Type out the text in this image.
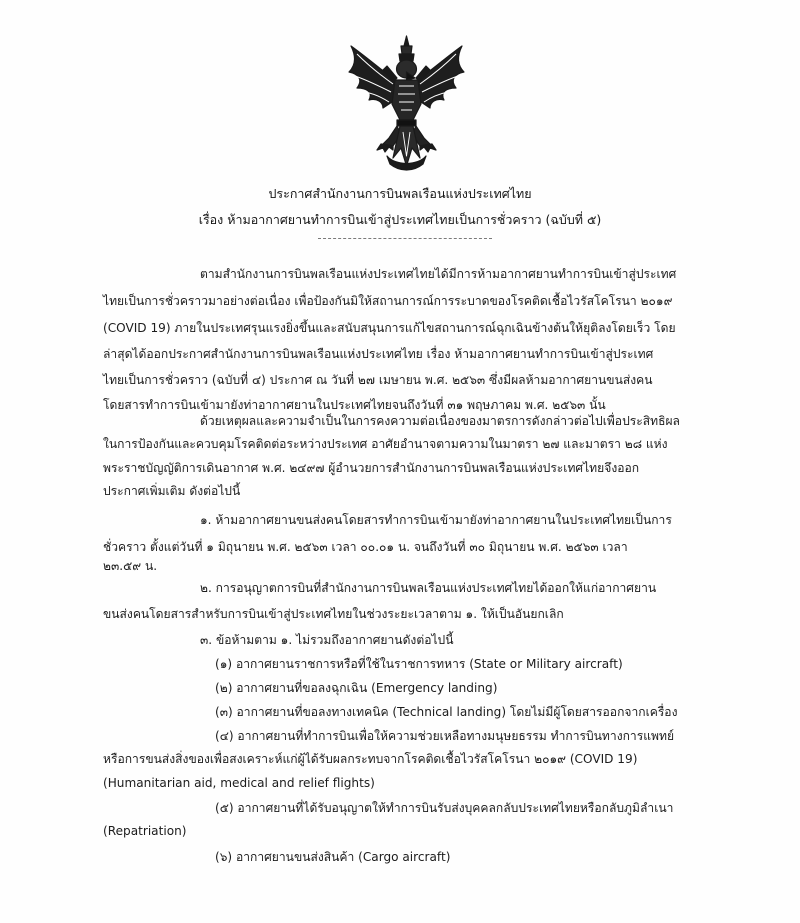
ประกาศสำนักงานการบินพลเรือนแห่งประเทศไทย
เรื่อง ห้ามอากาศยานทำการบินเข้าสู่ประเทศไทยเป็นการชั่วคราว (ฉบับที่ ๕)
ตามสำนักงานการบินพลเรือนแห่งประเทศไทยได้มีการห้ามอากาศยานทำการบินเข้าสู่ประเทศ
ไทยเป็นการชั่วคราวมาอย่างต่อเนื่อง เพื่อป้องกันมิให้สถานการณ์การระบาดของโรคติดเชื้อไวรัสโคโรนา ๒๐๑๙
(COVID 19) ภายในประเทศรุนแรงยิ่งขึ้นและสนับสนุนการแก้ไขสถานการณ์ฉุกเฉินข้างต้นให้ยุติลงโดยเร็ว โดย
ล่าสุดได้ออกประกาศสำนักงานการบินพลเรือนแห่งประเทศไทย เรื่อง ห้ามอากาศยานทำการบินเข้าสู่ประเทศ
ไทยเป็นการชั่วคราว (ฉบับที่ ๔) ประกาศ ณ วันที่ ๒๗ เมษายน พ.ศ. ๒๕๖๓ ซึ่งมีผลห้ามอากาศยานขนส่งคน
โดยสารทำการบินเข้ามายังท่าอากาศยานในประเทศไทยจนถึงวันที่ ๓๑ พฤษภาคม พ.ศ. ๒๕๖๓ นั้น
ด้วยเหตุผลและความจำเป็นในการคงความต่อเนื่องของมาตรการดังกล่าวต่อไปเพื่อประสิทธิผล
ในการป้องกันและควบคุมโรคติดต่อระหว่างประเทศ อาศัยอำนาจตามความในมาตรา ๒๗ และมาตรา ๒๘ แห่ง
พระราชบัญญัติการเดินอากาศ พ.ศ. ๒๔๙๗ ผู้อำนวยการสำนักงานการบินพลเรือนแห่งประเทศไทยจึงออก
ประกาศเพิ่มเติม ดังต่อไปนี้
๑. ห้ามอากาศยานขนส่งคนโดยสารทำการบินเข้ามายังท่าอากาศยานในประเทศไทยเป็นการ
ชั่วคราว ตั้งแต่วันที่ ๑ มิถุนายน พ.ศ. ๒๕๖๓ เวลา ๐๐.๐๑ น. จนถึงวันที่ ๓๐ มิถุนายน พ.ศ. ๒๕๖๓ เวลา
๒๓.๕๙ น.
๒. การอนุญาตการบินที่สำนักงานการบินพลเรือนแห่งประเทศไทยได้ออกให้แก่อากาศยาน
ขนส่งคนโดยสารสำหรับการบินเข้าสู่ประเทศไทยในช่วงระยะเวลาตาม ๑. ให้เป็นอันยกเลิก
๓. ข้อห้ามตาม ๑. ไม่รวมถึงอากาศยานดังต่อไปนี้
(๑) อากาศยานราชการหรือที่ใช้ในราชการทหาร (State or Military aircraft)
(๒) อากาศยานที่ขอลงฉุกเฉิน (Emergency landing)
(๓) อากาศยานที่ขอลงทางเทคนิค (Technical landing) โดยไม่มีผู้โดยสารออกจากเครื่อง
(๔) อากาศยานที่ทำการบินเพื่อให้ความช่วยเหลือทางมนุษยธรรม ทำการบินทางการแพทย์
หรือการขนส่งสิ่งของเพื่อสงเคราะห์แก่ผู้ได้รับผลกระทบจากโรคติดเชื้อไวรัสโคโรนา ๒๐๑๙ (COVID 19)
(Humanitarian aid, medical and relief flights)
(๕) อากาศยานที่ได้รับอนุญาตให้ทำการบินรับส่งบุคคลกลับประเทศไทยหรือกลับภูมิลำเนา
(Repatriation)
(๖) อากาศยานขนส่งสินค้า (Cargo aircraft)
